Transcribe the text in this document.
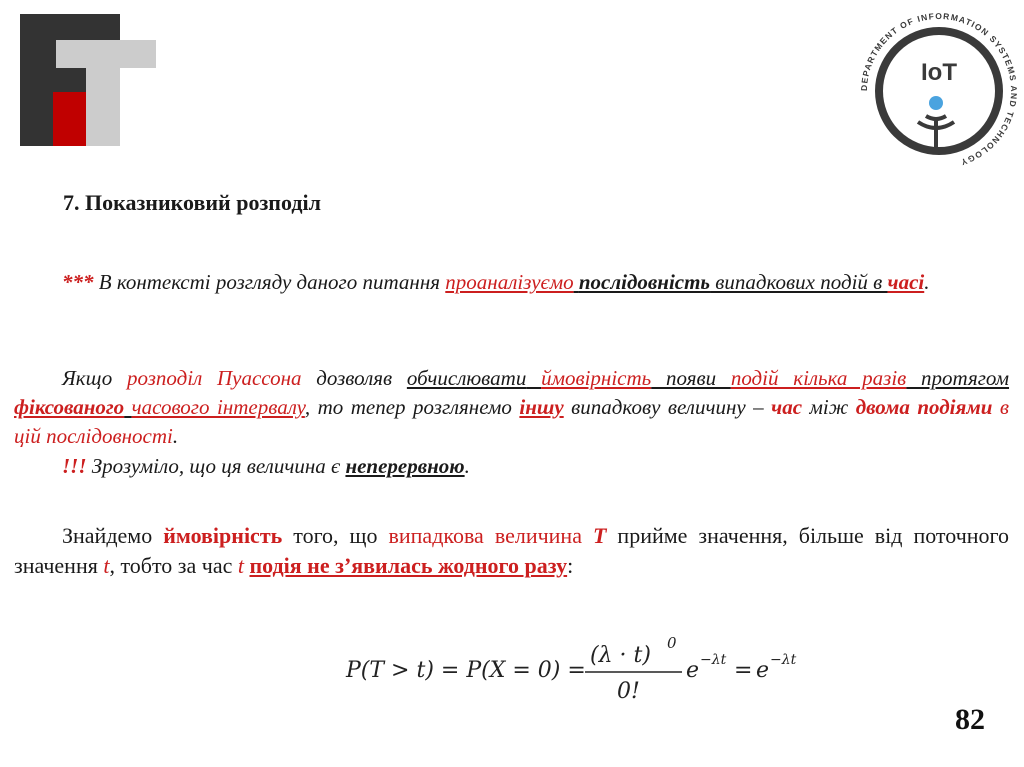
DEPARTMENT OF INFORMATION SYSTEMS AND TECHNOLOGY
IoT
7. Показниковий розподіл
*** В контексті розгляду даного питання проаналізуємо послідовність випадкових подій в часі.
Якщо розподіл Пуассона дозволяв обчислювати ймовірність появи подій кілька разів протягом фіксованого часового інтервалу, то тепер розглянемо іншу випадкову величину – час між двома подіями в цій послідовності.
!!! Зрозуміло, що ця величина є неперервною.
Знайдемо ймовірність того, що випадкова величина T прийме значення, більше від поточного значення t, тобто за час t подія не з’явилась жодного разу:
P(T > t) = P(X = 0) =
(λ · t) 0
0!
e −λt = e −λt
82
